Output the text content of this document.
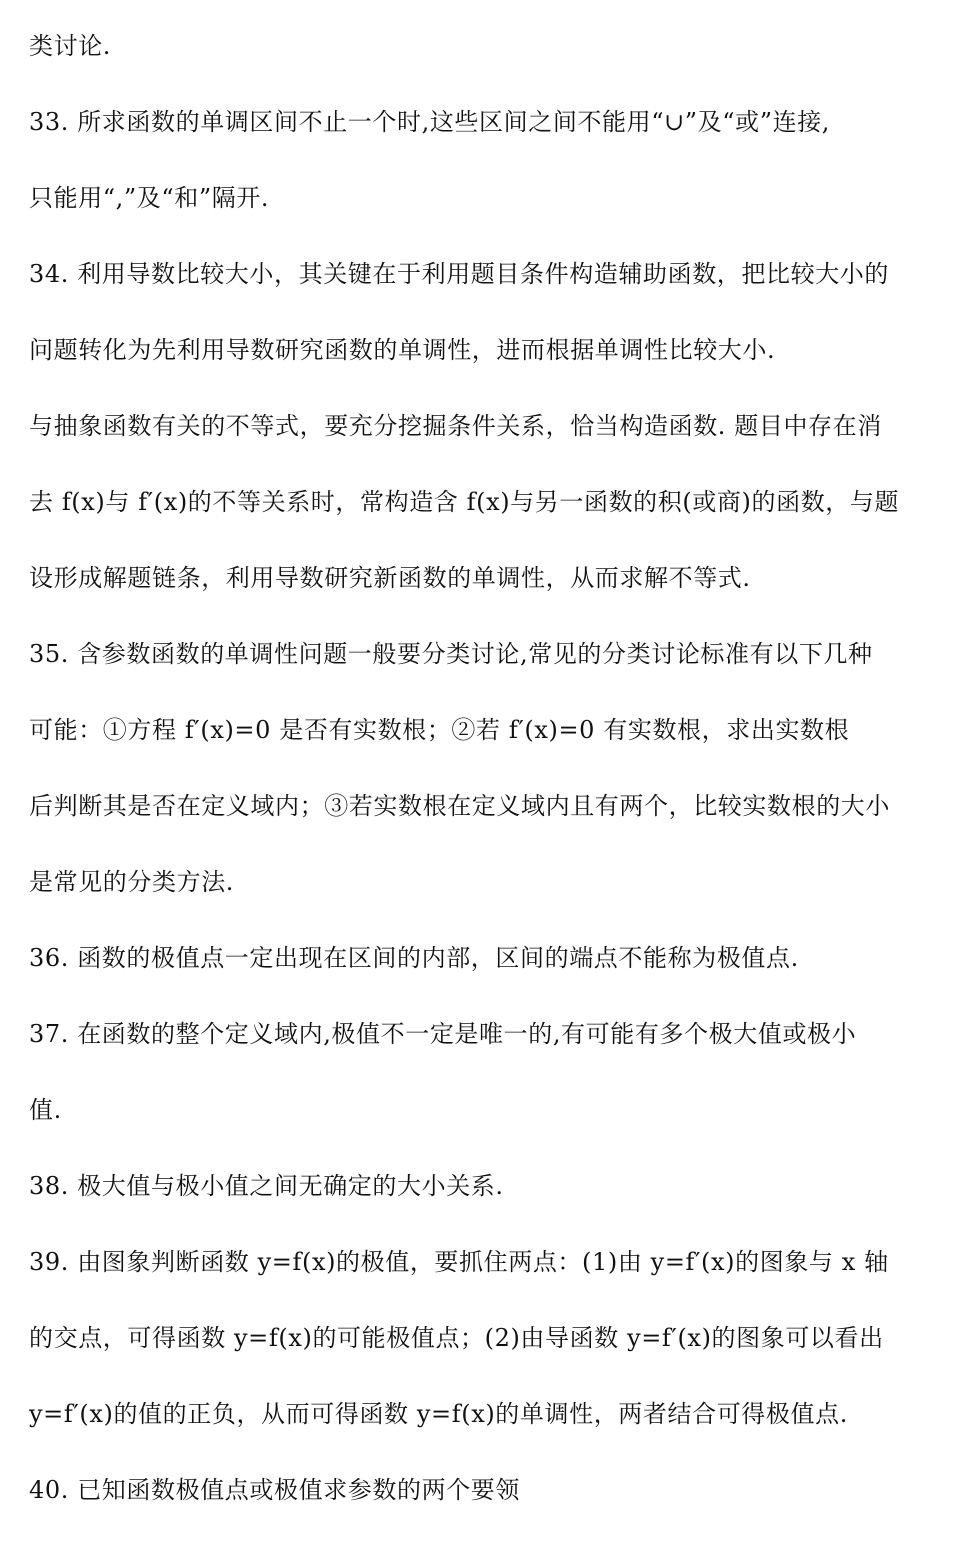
类讨论.
33. 所求函数的单调区间不止一个时,这些区间之间不能用“∪”及“或”连接,
只能用“,”及“和”隔开.
34. 利用导数比较大小，其关键在于利用题目条件构造辅助函数，把比较大小的
问题转化为先利用导数研究函数的单调性，进而根据单调性比较大小.
与抽象函数有关的不等式，要充分挖掘条件关系，恰当构造函数. 题目中存在消
去 f(x)与 f′(x)的不等关系时，常构造含 f(x)与另一函数的积(或商)的函数，与题
设形成解题链条，利用导数研究新函数的单调性，从而求解不等式.
35. 含参数函数的单调性问题一般要分类讨论,常见的分类讨论标准有以下几种
可能：①方程 f′(x)=0 是否有实数根；②若 f′(x)=0 有实数根，求出实数根
后判断其是否在定义域内；③若实数根在定义域内且有两个，比较实数根的大小
是常见的分类方法.
36. 函数的极值点一定出现在区间的内部，区间的端点不能称为极值点.
37. 在函数的整个定义域内,极值不一定是唯一的,有可能有多个极大值或极小
值.
38. 极大值与极小值之间无确定的大小关系.
39. 由图象判断函数 y=f(x)的极值，要抓住两点：(1)由 y=f′(x)的图象与 x 轴
的交点，可得函数 y=f(x)的可能极值点；(2)由导函数 y=f′(x)的图象可以看出
y=f′(x)的值的正负，从而可得函数 y=f(x)的单调性，两者结合可得极值点.
40. 已知函数极值点或极值求参数的两个要领
